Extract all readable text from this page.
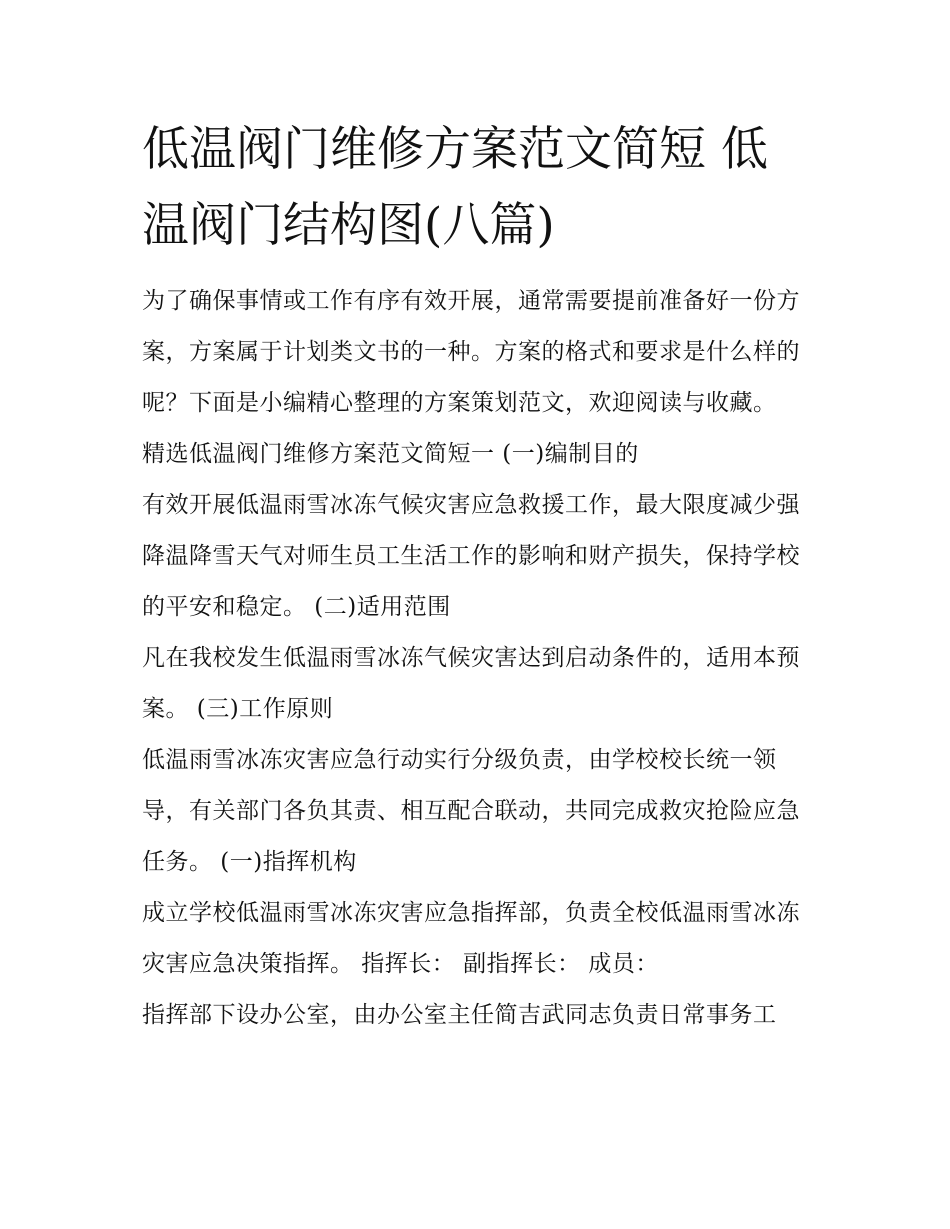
低温阀门维修方案范文简短 低温阀门结构图(八篇)

为了确保事情或工作有序有效开展，通常需要提前准备好一份方案，方案属于计划类文书的一种。方案的格式和要求是什么样的呢？下面是小编精心整理的方案策划范文，欢迎阅读与收藏。

精选低温阀门维修方案范文简短一 (一)编制目的

有效开展低温雨雪冰冻气候灾害应急救援工作，最大限度减少强降温降雪天气对师生员工生活工作的影响和财产损失，保持学校的平安和稳定。 (二)适用范围

凡在我校发生低温雨雪冰冻气候灾害达到启动条件的，适用本预案。 (三)工作原则

低温雨雪冰冻灾害应急行动实行分级负责，由学校校长统一领导，有关部门各负其责、相互配合联动，共同完成救灾抢险应急任务。 (一)指挥机构

成立学校低温雨雪冰冻灾害应急指挥部，负责全校低温雨雪冰冻灾害应急决策指挥。 指挥长： 副指挥长： 成员：

指挥部下设办公室，由办公室主任简吉武同志负责日常事务工
